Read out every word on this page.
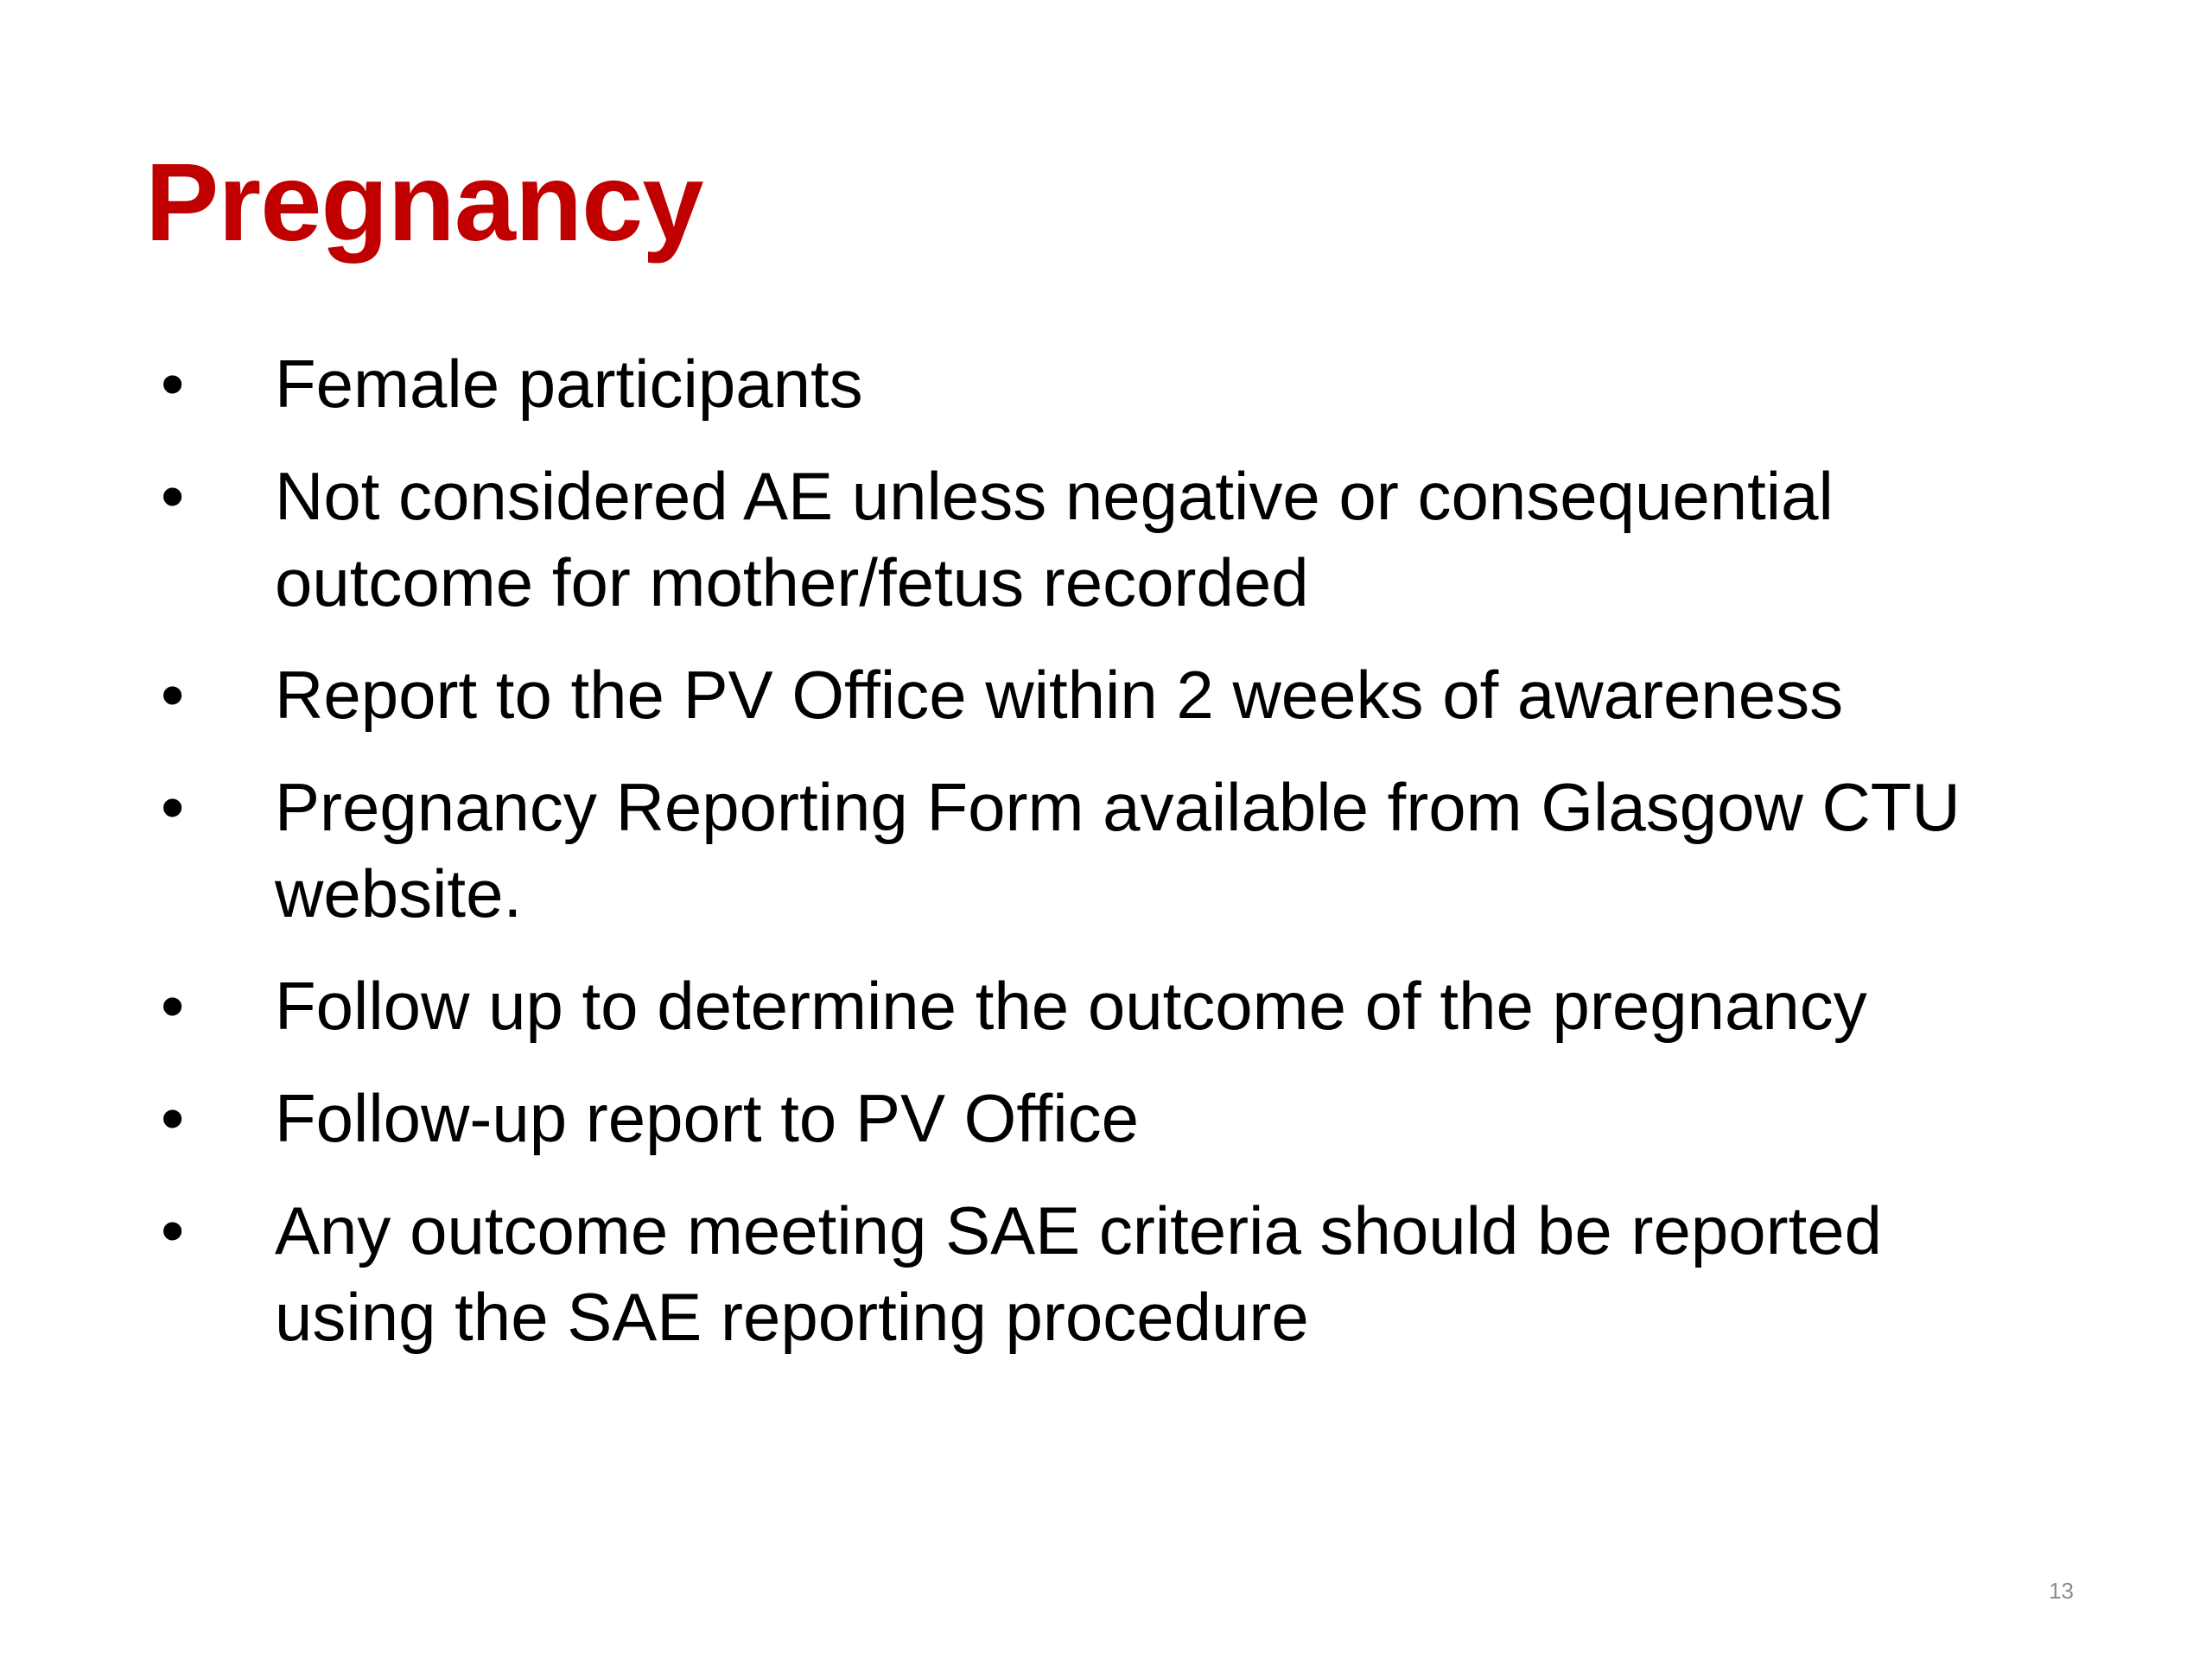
Pregnancy
• Female participants
• Not considered AE unless negative or consequential
outcome for mother/fetus recorded
• Report to the PV Office within 2 weeks of awareness
• Pregnancy Reporting Form available from Glasgow CTU
website.
• Follow up to determine the outcome of the pregnancy
• Follow-up report to PV Office
• Any outcome meeting SAE criteria should be reported
using the SAE reporting procedure
13
